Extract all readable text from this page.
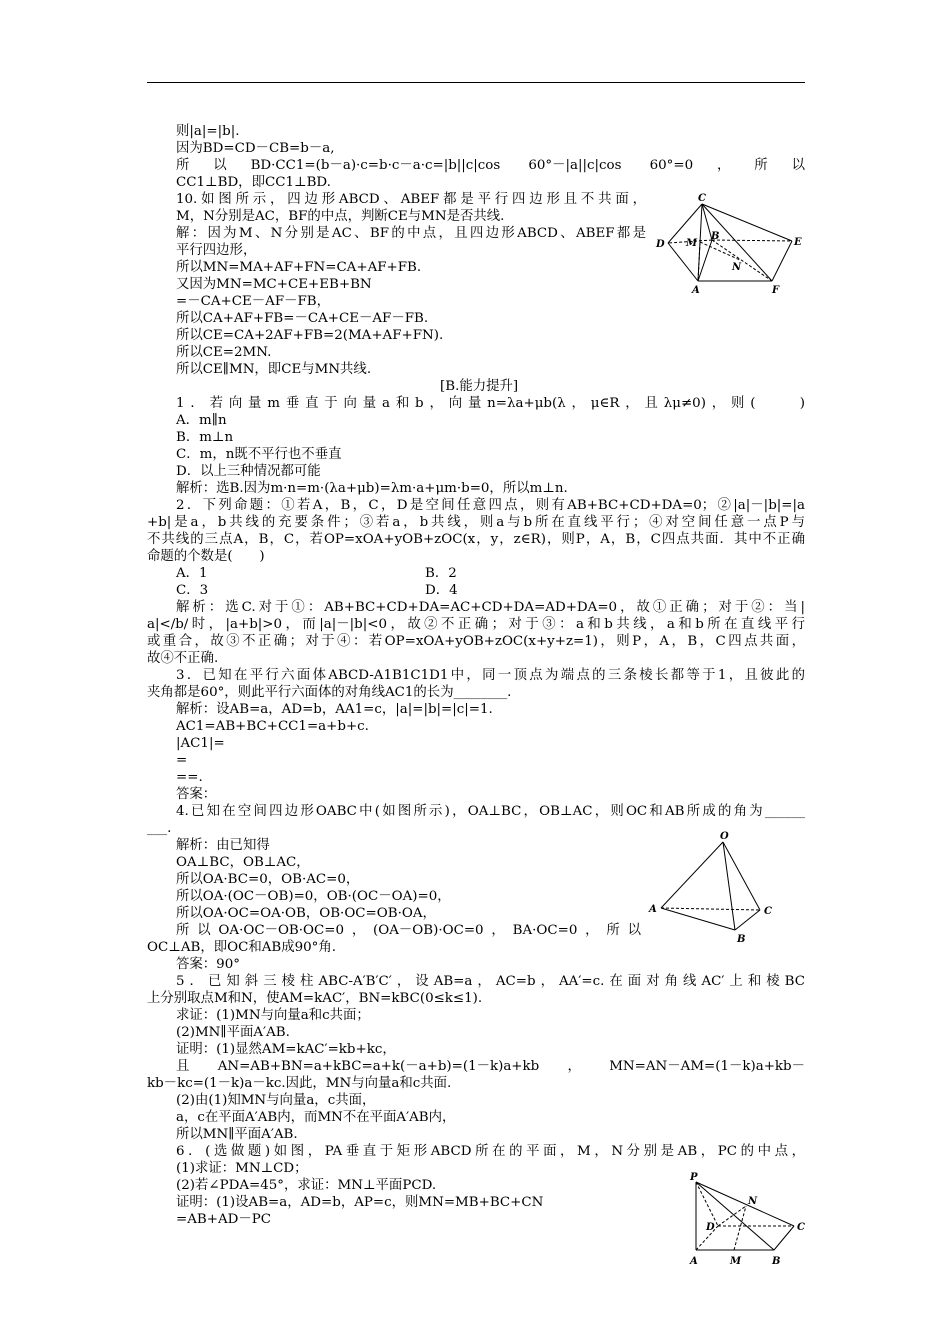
则|a|=|b|.
因为BD=CD－CB=b－a,
所以BD·CC1=(b－a)·c=b·c－a·c=|b||c|cos 60°－|a||c|cos 60°=0，所以
CC1⊥BD，即CC1⊥BD.
10.如图所示，四边形ABCD、ABEF都是平行四边形且不共面，
M，N分别是AC，BF的中点，判断CE与MN是否共线.
解：因为M、N分别是AC、BF的中点，且四边形ABCD、ABEF都是
平行四边形，
所以MN=MA+AF+FN=CA+AF+FB.
又因为MN=MC+CE+EB+BN
=－CA+CE－AF－FB，
所以CA+AF+FB=－CA+CE－AF－FB.
所以CE=CA+2AF+FB=2(MA+AF+FN).
所以CE=2MN.
所以CE∥MN，即CE与MN共线.
[B.能力提升]
1．若向量m垂直于向量a和b，向量n=λa+μb(λ，μ∈R，且λμ≠0)，则(　　)
A．m∥n
B．m⊥n
C．m，n既不平行也不垂直
D．以上三种情况都可能
解析：选B.因为m·n=m·(λa+μb)=λm·a+μm·b=0，所以m⊥n.
2．下列命题：①若A，B，C，D是空间任意四点，则有AB+BC+CD+DA=0；②|a|－|b|=|a
+b|是a，b共线的充要条件；③若a，b共线，则a与b所在直线平行；④对空间任意一点P与
不共线的三点A，B，C，若OP=xOA+yOB+zOC(x，y，z∈R)，则P，A，B，C四点共面．其中不正确
命题的个数是(　　)
A．1	B．2
C．3	D．4
解析：选C.对于①：AB+BC+CD+DA=AC+CD+DA=AD+DA=0，故①正确；对于②：当|
a|</b/时，|a+b|>0，而|a|－|b|<0，故②不正确；对于③：a和b共线，a和b所在直线平行
或重合，故③不正确；对于④：若OP=xOA+yOB+zOC(x+y+z=1)，则P，A，B，C四点共面，
故④不正确.
3．已知在平行六面体ABCD-A1B1C1D1中，同一顶点为端点的三条棱长都等于1，且彼此的
夹角都是60°，则此平行六面体的对角线AC1的长为________.
解析：设AB=a，AD=b，AA1=c，|a|=|b|=|c|=1.
AC1=AB+BC+CC1=a+b+c.
|AC1|=
=
==.
答案：
4.已知在空间四边形OABC中(如图所示)，OA⊥BC，OB⊥AC，则OC和AB所成的角为______
___.
解析：由已知得
OA⊥BC，OB⊥AC，
所以OA·BC=0，OB·AC=0，
所以OA·(OC－OB)=0，OB·(OC－OA)=0，
所以OA·OC=OA·OB，OB·OC=OB·OA，
所以OA·OC－OB·OC=0，(OA－OB)·OC=0，BA·OC=0，所以
OC⊥AB，即OC和AB成90°角.
答案：90°
5．已知斜三棱柱ABC-A′B′C′，设AB=a，AC=b，AA′=c.在面对角线AC′上和棱BC
上分别取点M和N，使AM=kAC′，BN=kBC(0≤k≤1).
求证：(1)MN与向量a和c共面；
(2)MN∥平面A′AB.
证明：(1)显然AM=kAC′=kb+kc，
且AN=AB+BN=a+kBC=a+k(－a+b)=(1－k)a+kb，MN=AN－AM=(1－k)a+kb－
kb－kc=(1－k)a－kc.因此，MN与向量a和c共面.
(2)由(1)知MN与向量a，c共面，
a，c在平面A′AB内，而MN不在平面A′AB内，
所以MN∥平面A′AB.
6．(选做题)如图，PA垂直于矩形ABCD所在的平面，M，N分别是AB，PC的中点，
(1)求证：MN⊥CD；
(2)若∠PDA=45°，求证：MN⊥平面PCD.
证明：(1)设AB=a，AD=b，AP=c，则MN=MB+BC+CN
=AB+AD－PC
C
D M
B
N
E
A	F
O
A	C
B
P
N
D	C
A	M	B
